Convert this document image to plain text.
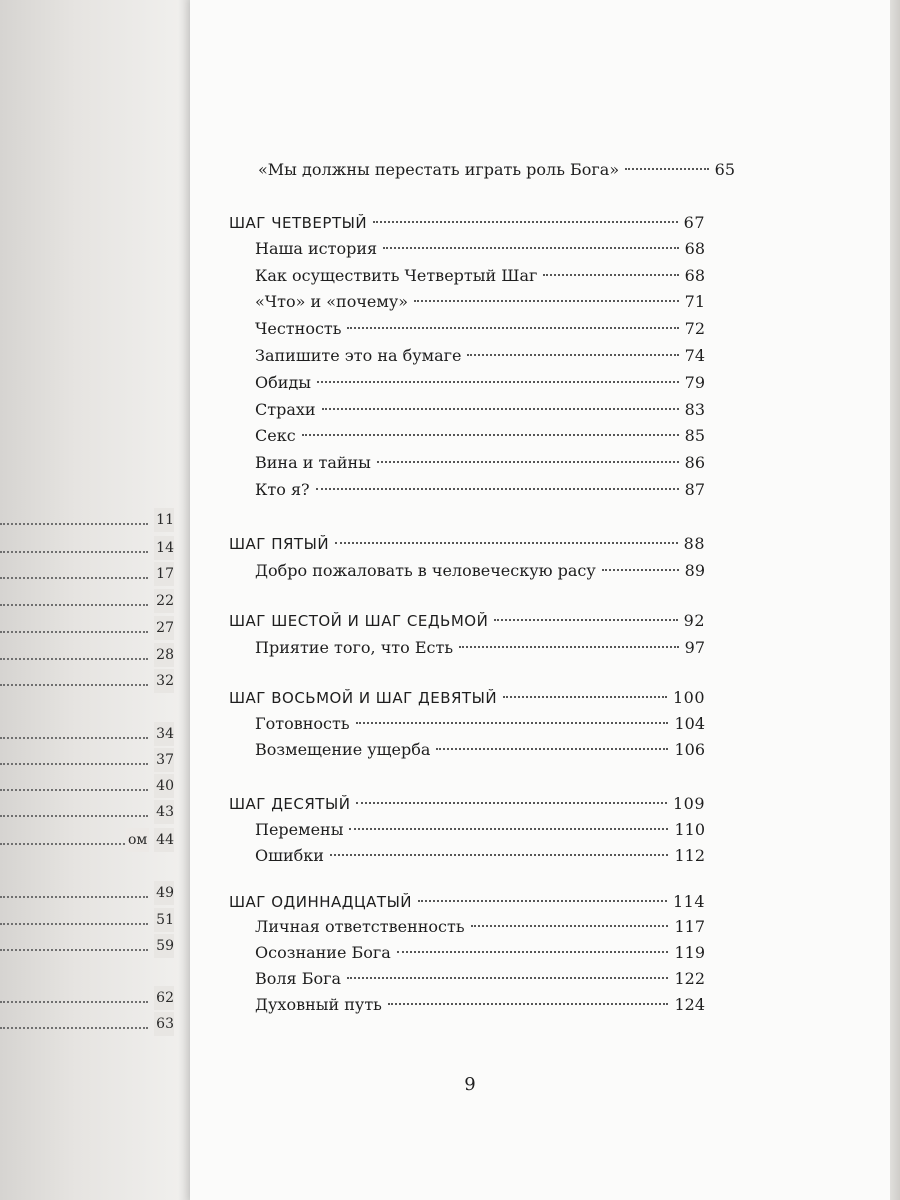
11
14
17
22
27
28
32
34
37
40
43
ом 44
49
51
59
62
63
«Мы должны перестать играть роль Бога»	65
ШАГ ЧЕТВЕРТЫЙ	67
Наша история	68
Как осуществить Четвертый Шаг	68
«Что» и «почему»	71
Честность	72
Запишите это на бумаге	74
Обиды	79
Страхи	83
Секс	85
Вина и тайны	86
Кто я?	87
ШАГ ПЯТЫЙ	88
Добро пожаловать в человеческую расу	89
ШАГ ШЕСТОЙ И ШАГ СЕДЬМОЙ	92
Приятие того, что Есть	97
ШАГ ВОСЬМОЙ И ШАГ ДЕВЯТЫЙ	100
Готовность	104
Возмещение ущерба	106
ШАГ ДЕСЯТЫЙ	109
Перемены	110
Ошибки	112
ШАГ ОДИННАДЦАТЫЙ	114
Личная ответственность	117
Осознание Бога	119
Воля Бога	122
Духовный путь	124
9
